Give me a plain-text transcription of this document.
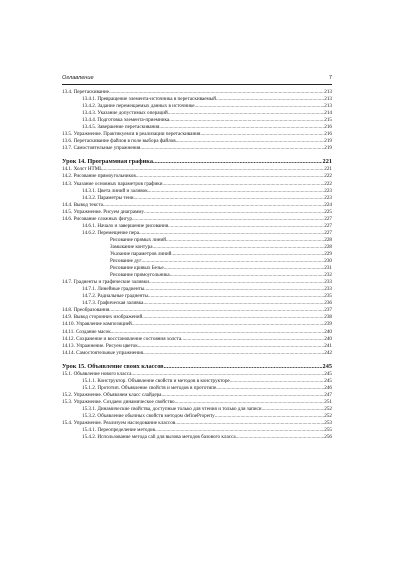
Оглавление	7
13.4. Перетаскивание .....	213
13.4.1. Превращение элемента-источника в перетаскиваемый .....	213
13.4.2. Задание перемещаемых данных в источнике .....	213
13.4.3. Указание допустимых операций .....	214
13.4.4. Подготовка элемента-приемника .....	215
13.4.5. Завершение перетаскивания .....	216
13.5. Упражнение. Практикуемся в реализации перетаскивания .....	216
13.6. Перетаскивание файлов в поле выбора файлов .....	219
13.7. Самостоятельные упражнения .....	219
Урок 14. Программная графика .....	221
14.1. Холст HTML .....	221
14.2. Рисование прямоугольников .....	222
14.3. Указание основных параметров графики .....	222
14.3.1. Цвета линий и заливок .....	223
14.3.2. Параметры тени .....	223
14.4. Вывод текста .....	224
14.5. Упражнение. Рисуем диаграмму .....	225
14.6. Рисование сложных фигур .....	227
14.6.1. Начало и завершение рисования .....	227
14.6.2. Перемещение пера .....	227
Рисование прямых линий .....	228
Замыкание контура .....	228
Указание параметров линий .....	229
Рисование дуг .....	230
Рисование кривых Безье .....	231
Рисование прямоугольника .....	232
14.7. Градиенты и графические заливки .....	233
14.7.1. Линейные градиенты .....	233
14.7.2. Радиальные градиенты .....	235
14.7.3. Графическая заливка .....	236
14.8. Преобразования .....	237
14.9. Вывод сторонних изображений .....	238
14.10. Управление композицией .....	239
14.11. Создание масок .....	240
14.12. Сохранение и восстановление состояния холста .....	240
14.13. Упражнение. Рисуем цветок .....	241
14.14. Самостоятельные упражнения .....	242
Урок 15. Объявление своих классов .....	245
15.1. Объявление нового класса .....	245
15.1.1. Конструктор. Объявление свойств и методов в конструкторе .....	245
15.1.2. Прототип. Объявление свойств и методов в прототипе .....	246
15.2. Упражнение. Объявляем класс слайдера .....	247
15.3. Упражнение. Создаем динамическое свойство .....	251
15.3.1. Динамические свойства, доступные только для чтения и только для записи .....	252
15.3.2. Объявление обычных свойств методом defineProperty .....	252
15.4. Упражнение. Реализуем наследование классов .....	253
15.4.1. Переопределение методов .....	255
15.4.2. Использование метода call для вызова методов базового класса .....	256
